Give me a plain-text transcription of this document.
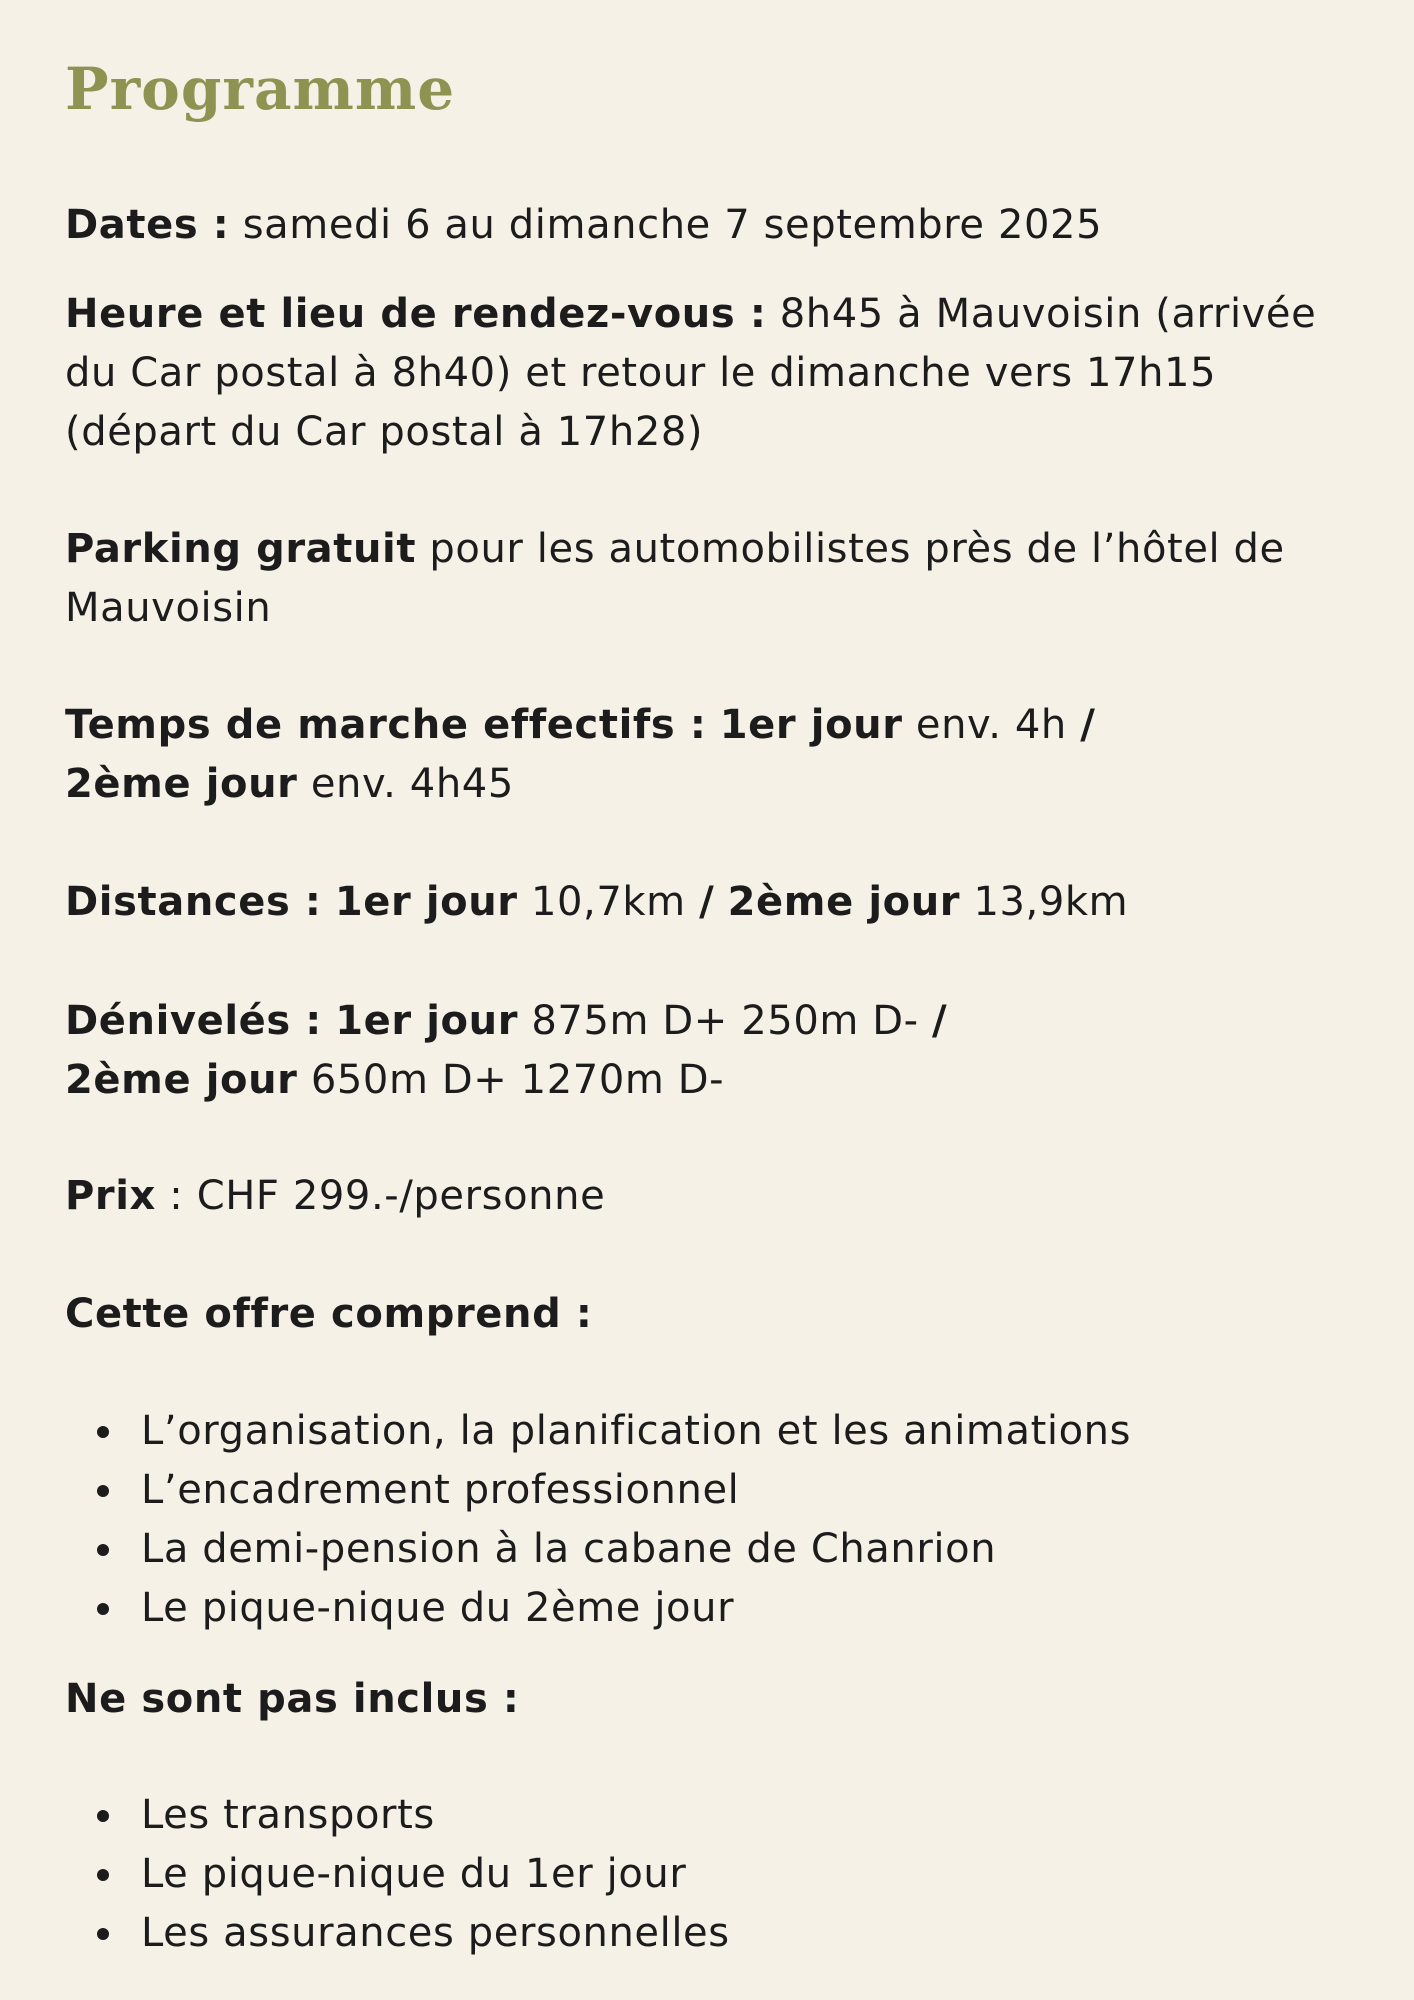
Programme

Dates : samedi 6 au dimanche 7 septembre 2025

Heure et lieu de rendez-vous : 8h45 à Mauvoisin (arrivée
du Car postal à 8h40) et retour le dimanche vers 17h15
(départ du Car postal à 17h28)
Parking gratuit pour les automobilistes près de l’hôtel de
Mauvoisin
Temps de marche effectifs : 1er jour env. 4h /
2ème jour env. 4h45

Distances : 1er jour 10,7km / 2ème jour 13,9km

Dénivelés : 1er jour 875m D+ 250m D- /
2ème jour 650m D+ 1270m D-

Prix : CHF 299.-/personne

Cette offre comprend :

L’organisation, la planification et les animations
L’encadrement professionnel
La demi-pension à la cabane de Chanrion
Le pique-nique du 2ème jour

Ne sont pas inclus :

Les transports
Le pique-nique du 1er jour
Les assurances personnelles
